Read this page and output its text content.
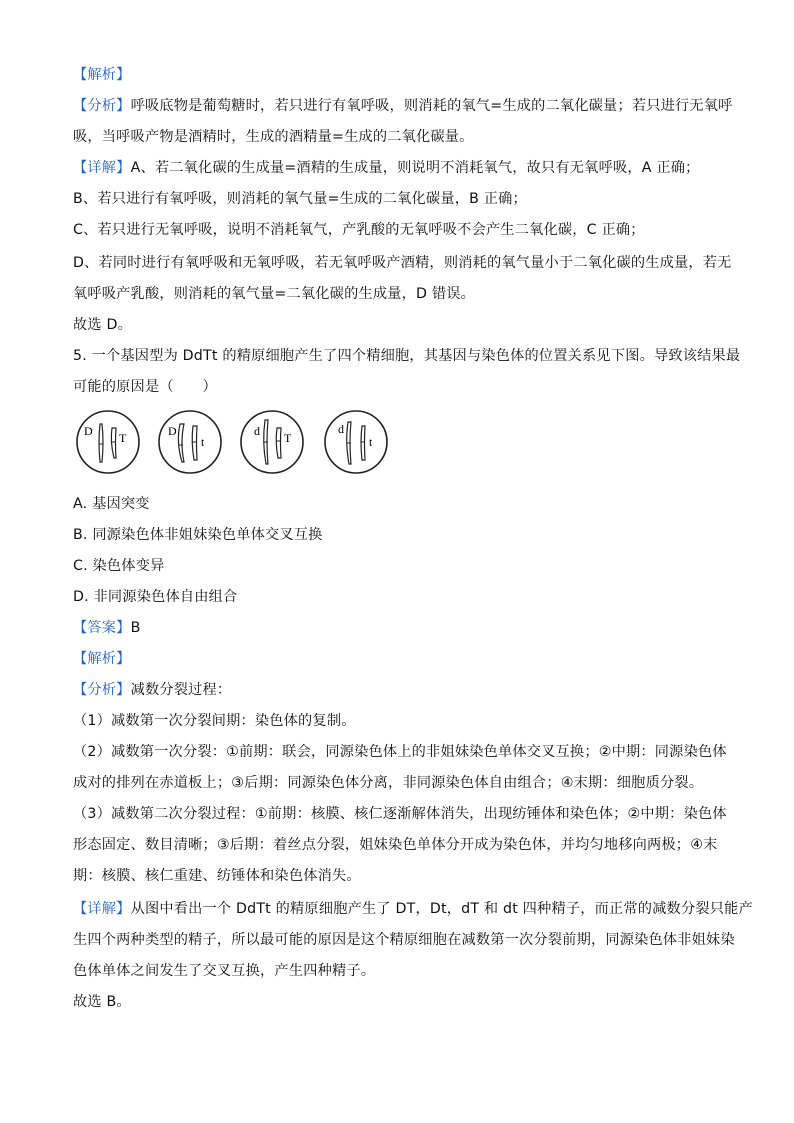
【解析】
【分析】呼吸底物是葡萄糖时，若只进行有氧呼吸，则消耗的氧气=生成的二氧化碳量；若只进行无氧呼
吸，当呼吸产物是酒精时，生成的酒精量=生成的二氧化碳量。
【详解】A、若二氧化碳的生成量=酒精的生成量，则说明不消耗氧气，故只有无氧呼吸，A 正确；
B、若只进行有氧呼吸，则消耗的氧气量=生成的二氧化碳量，B 正确；
C、若只进行无氧呼吸，说明不消耗氧气，产乳酸的无氧呼吸不会产生二氧化碳，C 正确；
D、若同时进行有氧呼吸和无氧呼吸，若无氧呼吸产酒精，则消耗的氧气量小于二氧化碳的生成量，若无
氧呼吸产乳酸，则消耗的氧气量=二氧化碳的生成量，D 错误。
故选 D。
5. 一个基因型为 DdTt 的精原细胞产生了四个精细胞，其基因与染色体的位置关系见下图。导致该结果最
可能的原因是（　　）
D T	D
t
d T
d
t
A. 基因突变
B. 同源染色体非姐妹染色单体交叉互换
C. 染色体变异
D. 非同源染色体自由组合
【答案】B
【解析】
【分析】减数分裂过程：
（1）减数第一次分裂间期：染色体的复制。
（2）减数第一次分裂：①前期：联会，同源染色体上的非姐妹染色单体交叉互换；②中期：同源染色体
成对的排列在赤道板上；③后期：同源染色体分离，非同源染色体自由组合；④末期：细胞质分裂。
（3）减数第二次分裂过程：①前期：核膜、核仁逐渐解体消失，出现纺锤体和染色体；②中期：染色体
形态固定、数目清晰；③后期：着丝点分裂，姐妹染色单体分开成为染色体，并均匀地移向两极；④末
期：核膜、核仁重建、纺锤体和染色体消失。
【详解】从图中看出一个 DdTt 的精原细胞产生了 DT，Dt，dT 和 dt 四种精子，而正常的减数分裂只能产
生四个两种类型的精子，所以最可能的原因是这个精原细胞在减数第一次分裂前期，同源染色体非姐妹染
色体单体之间发生了交叉互换，产生四种精子。
故选 B。
